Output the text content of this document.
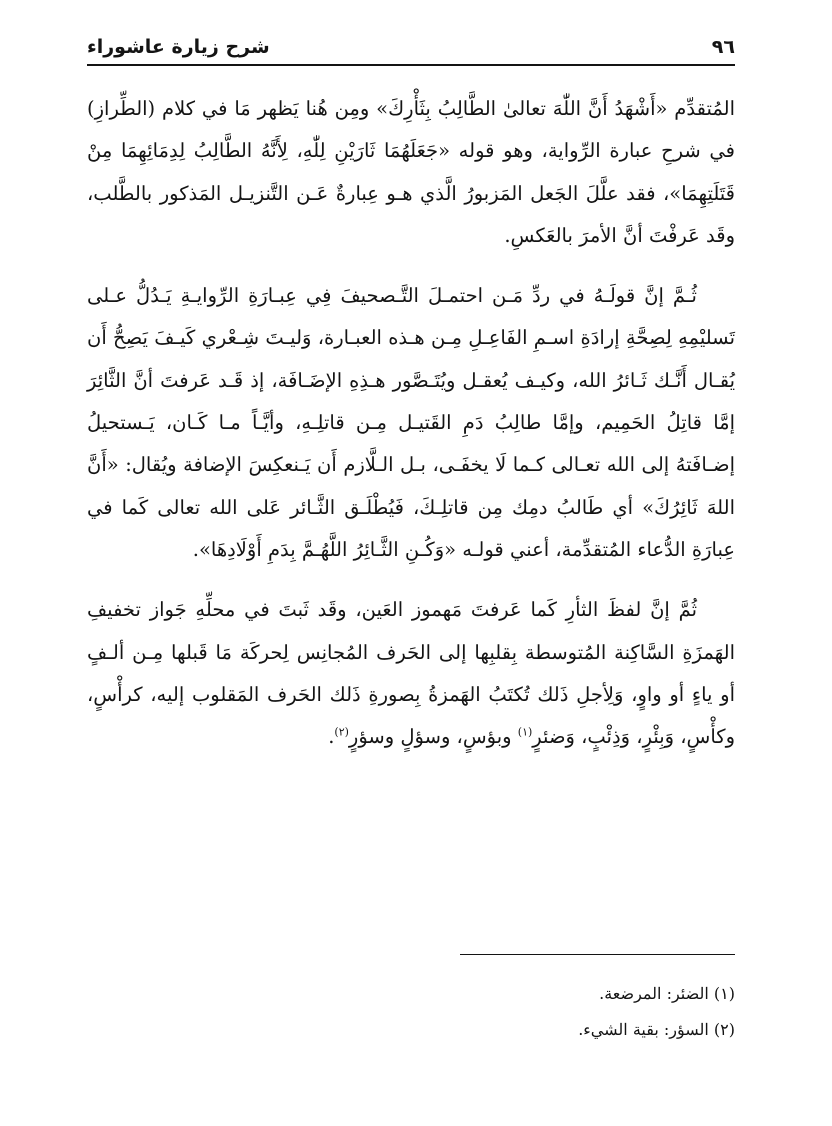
٩٦
شرح زيارة عاشوراء

المُتقدِّم «أَشْهَدُ أَنَّ اللّٰهَ تعالىٰ الطَّالِبُ بِثَأْرِكَ» ومِن هُنا يَظهر مَا في كلام (الطِّرازِ) في شرحِ عبارة الرِّواية، وهو قوله «جَعَلَهُمَا ثَارَيْنِ لِلّٰهِ، لِأَنَّهُ الطَّالِبُ لِدِمَائِهِمَا مِنْ قَتَلَتِهِمَا»، فقد علَّلَ الجَعل المَزبورُ الَّذي هـو عِبارةٌ عَـن التَّنزيـل المَذكور بالطَّلب، وقَد عَرفْتَ أنَّ الأمرَ بالعَكسِ.

ثُـمَّ إنَّ قولَـهُ في ردِّ مَـن احتمـلَ التَّـصحيفَ فِي عِبـارَةِ الرِّوايـةِ يَـدُلُّ عـلى تَسليْمِهِ لِصِحَّةِ إرادَةِ اسـمِ الفَاعِـلِ مِـن هـذه العبـارة، وَليـتَ شِـعْري كَيـفَ يَصِحُّ أَن يُقـال أَنَّـك ثَـائرُ الله، وكيـف يُعقـل ويُتَـصَّور هـذِهِ الإضَـافَة، إذ قَـد عَرفتَ أنَّ الثَّائِرَ إمَّا قاتِلُ الحَمِيم، وإمَّا طالِبُ دَمِ القَتيـل مِـن قاتلِـهِ، وأيَّـاً مـا كَـان، يَـستحيلُ إضـافَتهُ إلى الله تعـالى كـما لَا يخفَـى، بـل الـلَّازم أَن يَـنعكِسَ الإضافة ويُقال: «أَنَّ اللهَ ثَائِرُكَ» أي طَالبُ دمِك مِن قاتلِـكَ، فَيُطْلَـق الثَّـائر عَلى الله تعالى كَما في عِبارَةِ الدُّعاء المُتقدِّمة، أعني قولـه «وَكُـنِ الثَّـائِرُ اللَّهُـمَّ بِدَمِ أَوْلَادِهَا».

ثُمَّ إنَّ لفظَ الثأرِ كَما عَرفتَ مَهموز العَين، وقَد ثَبتَ في محلِّهِ جَواز تخفيفِ الهَمزَةِ السَّاكِنة المُتوسطة بِقلبِها إلى الحَرف المُجانِس لِحركَة مَا قَبلها مِـن ألـفٍ أو ياءٍ أو واوٍ، وَلِأجلِ ذَلك تُكتَبُ الهَمزةُ بِصورةِ ذَلك الحَرف المَقلوب إليه، كرأْسٍ، وكأْسٍ، وَبِئْرٍ، وَذِئْبٍ، وَضئرٍ$^{(١)}$ وبؤسٍ، وسؤلٍ وسؤرٍ$^{(٢)}$.

(١) الضئر: المرضعة.
(٢) السؤر: بقية الشيء.
